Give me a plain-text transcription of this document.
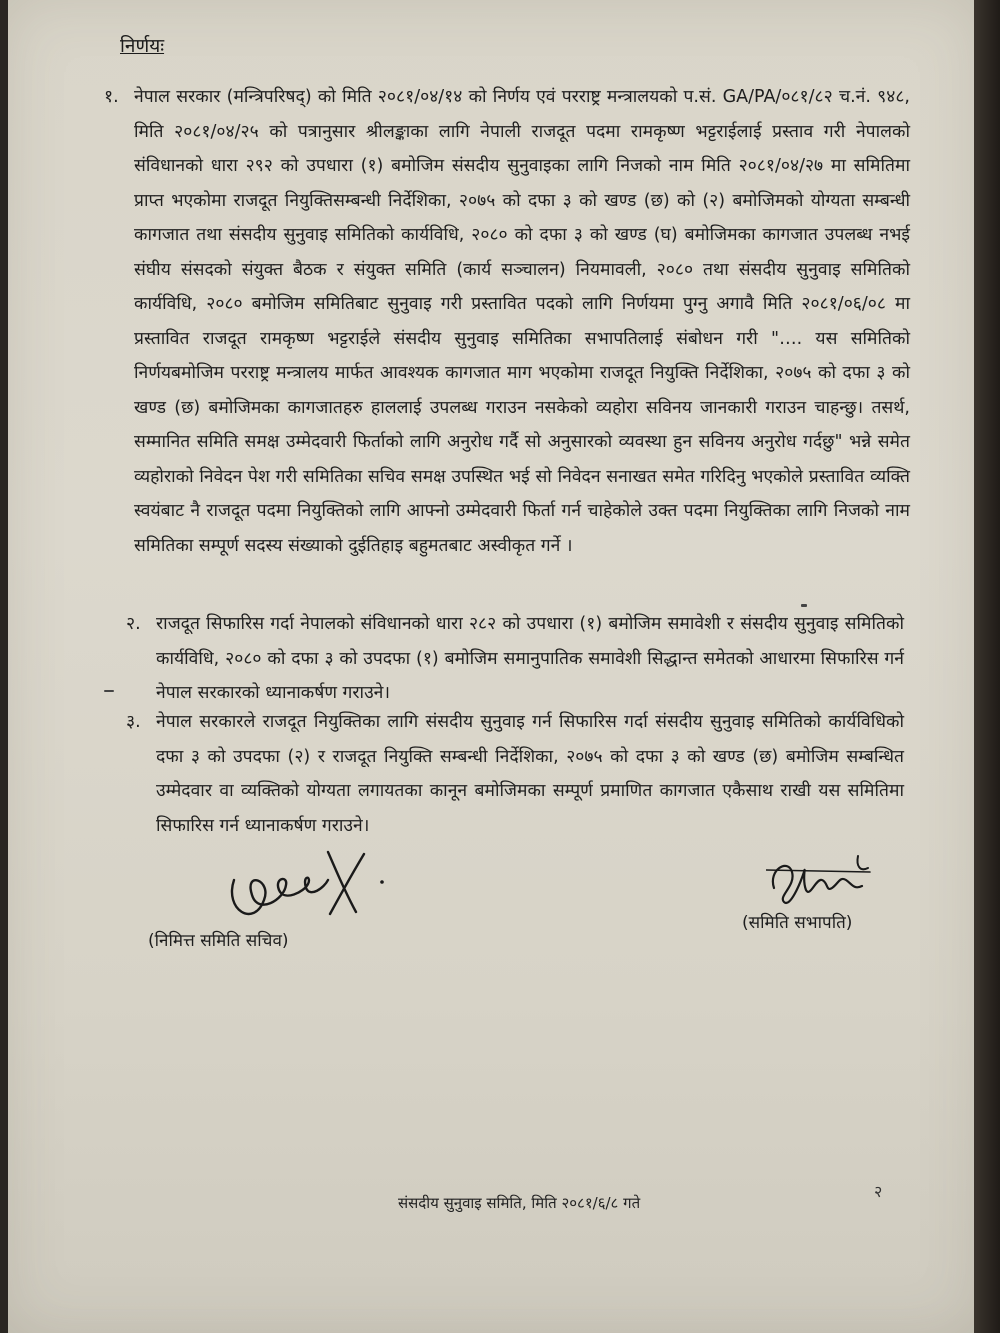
निर्णयः
१. नेपाल सरकार (मन्त्रिपरिषद्) को मिति २०८१/०४/१४ को निर्णय एवं परराष्ट्र मन्त्रालयको प.सं. GA/PA/०८१/८२ च.नं. ९४८, मिति २०८१/०४/२५ को पत्रानुसार श्रीलङ्काका लागि नेपाली राजदूत पदमा रामकृष्ण भट्टराईलाई प्रस्ताव गरी नेपालको संविधानको धारा २९२ को उपधारा (१) बमोजिम संसदीय सुनुवाइका लागि निजको नाम मिति २०८१/०४/२७ मा समितिमा प्राप्त भएकोमा राजदूत नियुक्तिसम्बन्धी निर्देशिका, २०७५ को दफा ३ को खण्ड (छ) को (२) बमोजिमको योग्यता सम्बन्धी कागजात तथा संसदीय सुनुवाइ समितिको कार्यविधि, २०८० को दफा ३ को खण्ड (घ) बमोजिमका कागजात उपलब्ध नभई संघीय संसदको संयुक्त बैठक र संयुक्त समिति (कार्य सञ्चालन) नियमावली, २०८० तथा संसदीय सुनुवाइ समितिको कार्यविधि, २०८० बमोजिम समितिबाट सुनुवाइ गरी प्रस्तावित पदको लागि निर्णयमा पुग्नु अगावै मिति २०८१/०६/०८ मा प्रस्तावित राजदूत रामकृष्ण भट्टराईले संसदीय सुनुवाइ समितिका सभापतिलाई संबोधन गरी "…. यस समितिको निर्णयबमोजिम परराष्ट्र मन्त्रालय मार्फत आवश्यक कागजात माग भएकोमा राजदूत नियुक्ति निर्देशिका, २०७५ को दफा ३ को खण्ड (छ) बमोजिमका कागजातहरु हाललाई उपलब्ध गराउन नसकेको व्यहोरा सविनय जानकारी गराउन चाहन्छु। तसर्थ, सम्मानित समिति समक्ष उम्मेदवारी फिर्ताको लागि अनुरोध गर्दै सो अनुसारको व्यवस्था हुन सविनय अनुरोध गर्दछु" भन्ने समेत व्यहोराको निवेदन पेश गरी समितिका सचिव समक्ष उपस्थित भई सो निवेदन सनाखत समेत गरिदिनु भएकोले प्रस्तावित व्यक्ति स्वयंबाट नै राजदूत पदमा नियुक्तिको लागि आफ्नो उम्मेदवारी फिर्ता गर्न चाहेकोले उक्त पदमा नियुक्तिका लागि निजको नाम समितिका सम्पूर्ण सदस्य संख्याको दुईतिहाइ बहुमतबाट अस्वीकृत गर्ने ।
२. राजदूत सिफारिस गर्दा नेपालको संविधानको धारा २८२ को उपधारा (१) बमोजिम समावेशी र संसदीय सुनुवाइ समितिको कार्यविधि, २०८० को दफा ३ को उपदफा (१) बमोजिम समानुपातिक समावेशी सिद्धान्त समेतको आधारमा सिफारिस गर्न नेपाल सरकारको ध्यानाकर्षण गराउने।
३. नेपाल सरकारले राजदूत नियुक्तिका लागि संसदीय सुनुवाइ गर्न सिफारिस गर्दा संसदीय सुनुवाइ समितिको कार्यविधिको दफा ३ को उपदफा (२) र राजदूत नियुक्ति सम्बन्धी निर्देशिका, २०७५ को दफा ३ को खण्ड (छ) बमोजिम सम्बन्धित उम्मेदवार वा व्यक्तिको योग्यता लगायतका कानून बमोजिमका सम्पूर्ण प्रमाणित कागजात एकैसाथ राखी यस समितिमा सिफारिस गर्न ध्यानाकर्षण गराउने।
(निमित्त समिति सचिव)
(समिति सभापति)
संसदीय सुनुवाइ समिति, मिति २०८१/६/८ गते
२
